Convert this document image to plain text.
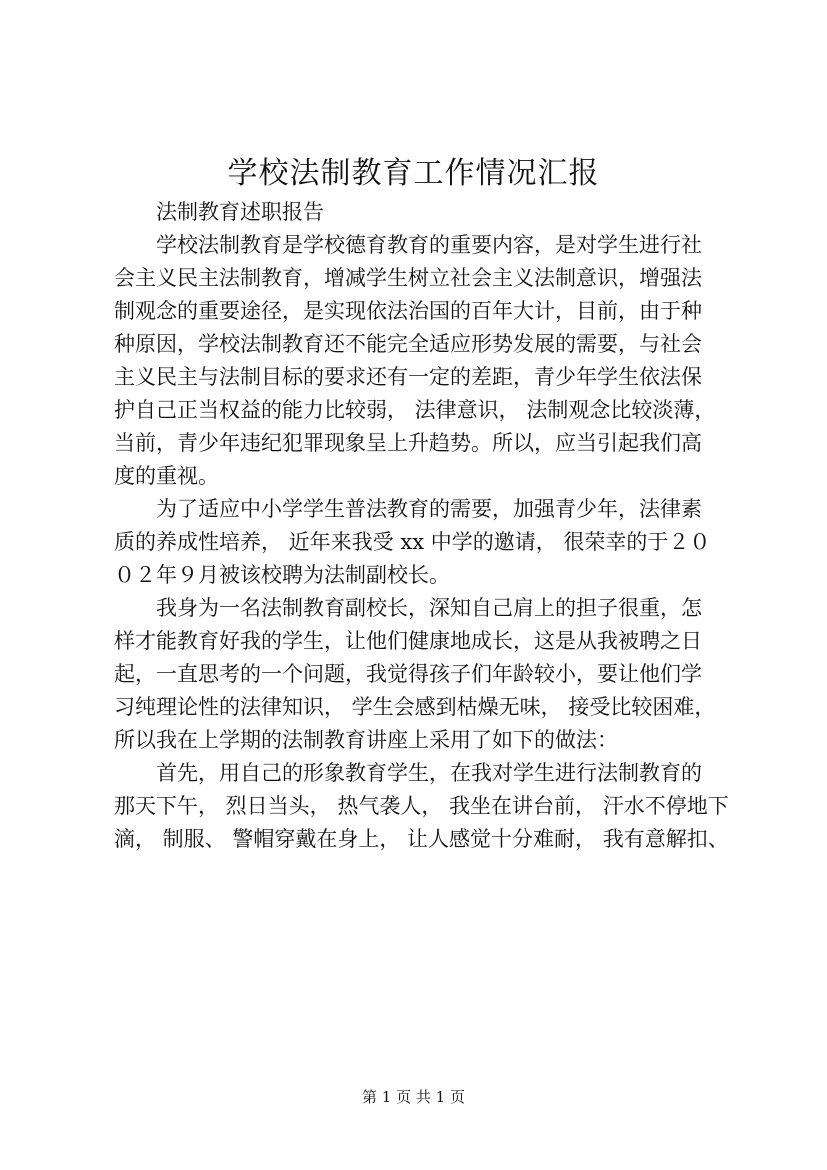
学校法制教育工作情况汇报
法制教育述职报告
学校法制教育是学校德育教育的重要内容，是对学生进行社
会主义民主法制教育，增减学生树立社会主义法制意识，增强法
制观念的重要途径，是实现依法治国的百年大计，目前，由于种
种原因，学校法制教育还不能完全适应形势发展的需要，与社会
主义民主与法制目标的要求还有一定的差距，青少年学生依法保
护自己正当权益的能力比较弱， 法律意识， 法制观念比较淡薄，
当前，青少年违纪犯罪现象呈上升趋势。所以，应当引起我们高
度的重视。
为了适应中小学学生普法教育的需要，加强青少年，法律素
质的养成性培养， 近年来我受 xx 中学的邀请， 很荣幸的于２０
０２年９月被该校聘为法制副校长。
我身为一名法制教育副校长，深知自己肩上的担子很重，怎
样才能教育好我的学生，让他们健康地成长，这是从我被聘之日
起，一直思考的一个问题，我觉得孩子们年龄较小，要让他们学
习纯理论性的法律知识， 学生会感到枯燥无味， 接受比较困难，
所以我在上学期的法制教育讲座上采用了如下的做法：
首先，用自己的形象教育学生，在我对学生进行法制教育的
那天下午， 烈日当头， 热气袭人， 我坐在讲台前， 汗水不停地下
滴， 制服、 警帽穿戴在身上， 让人感觉十分难耐， 我有意解扣、
第 1 页 共 1 页
